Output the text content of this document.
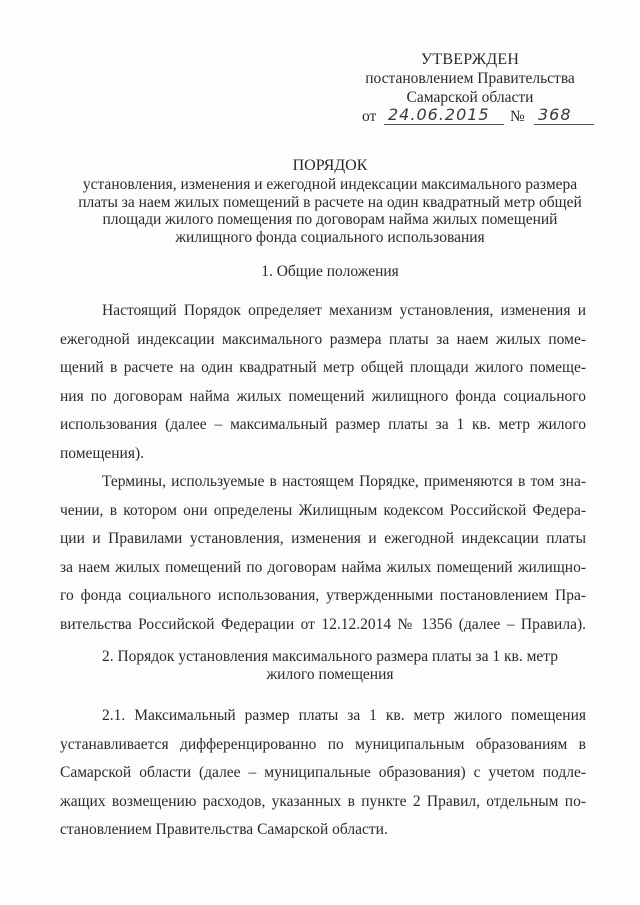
УТВЕРЖДЕН
постановлением Правительства
Самарской области
от 24.06.2015	№ 368
ПОРЯДОК
установления, изменения и ежегодной индексации максимального размера
платы за наем жилых помещений в расчете на один квадратный метр общей
площади жилого помещения по договорам найма жилых помещений
жилищного фонда социального использования
1. Общие положения
Настоящий Порядок определяет механизм установления, изменения и
ежегодной индексации максимального размера платы за наем жилых поме-
щений в расчете на один квадратный метр общей площади жилого помеще-
ния по договорам найма жилых помещений жилищного фонда социального
использования (далее – максимальный размер платы за 1 кв. метр жилого
помещения).
Термины, используемые в настоящем Порядке, применяются в том зна-
чении, в котором они определены Жилищным кодексом Российской Федера-
ции и Правилами установления, изменения и ежегодной индексации платы
за наем жилых помещений по договорам найма жилых помещений жилищно-
го фонда социального использования, утвержденными постановлением Пра-
вительства Российской Федерации от 12.12.2014 № 1356 (далее – Правила).
2. Порядок установления максимального размера платы за 1 кв. метр
жилого помещения
2.1. Максимальный размер платы за 1 кв. метр жилого помещения
устанавливается дифференцированно по муниципальным образованиям в
Самарской области (далее – муниципальные образования) с учетом подле-
жащих возмещению расходов, указанных в пункте 2 Правил, отдельным по-
становлением Правительства Самарской области.
